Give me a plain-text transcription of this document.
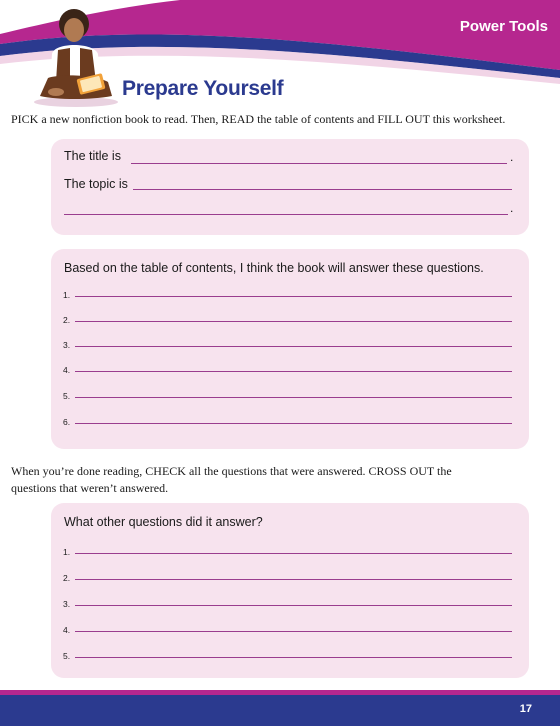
Power Tools
Prepare Yourself
PICK a new nonfiction book to read. Then, READ the table of contents and FILL OUT this worksheet.
The title is	.
The topic is
.
Based on the table of contents, I think the book will answer these questions.
1.
2.
3.
4.
5.
6.
When you’re done reading, CHECK all the questions that were answered. CROSS OUT the
questions that weren’t answered.
What other questions did it answer?
1.
2.
3.
4.
5.
17
